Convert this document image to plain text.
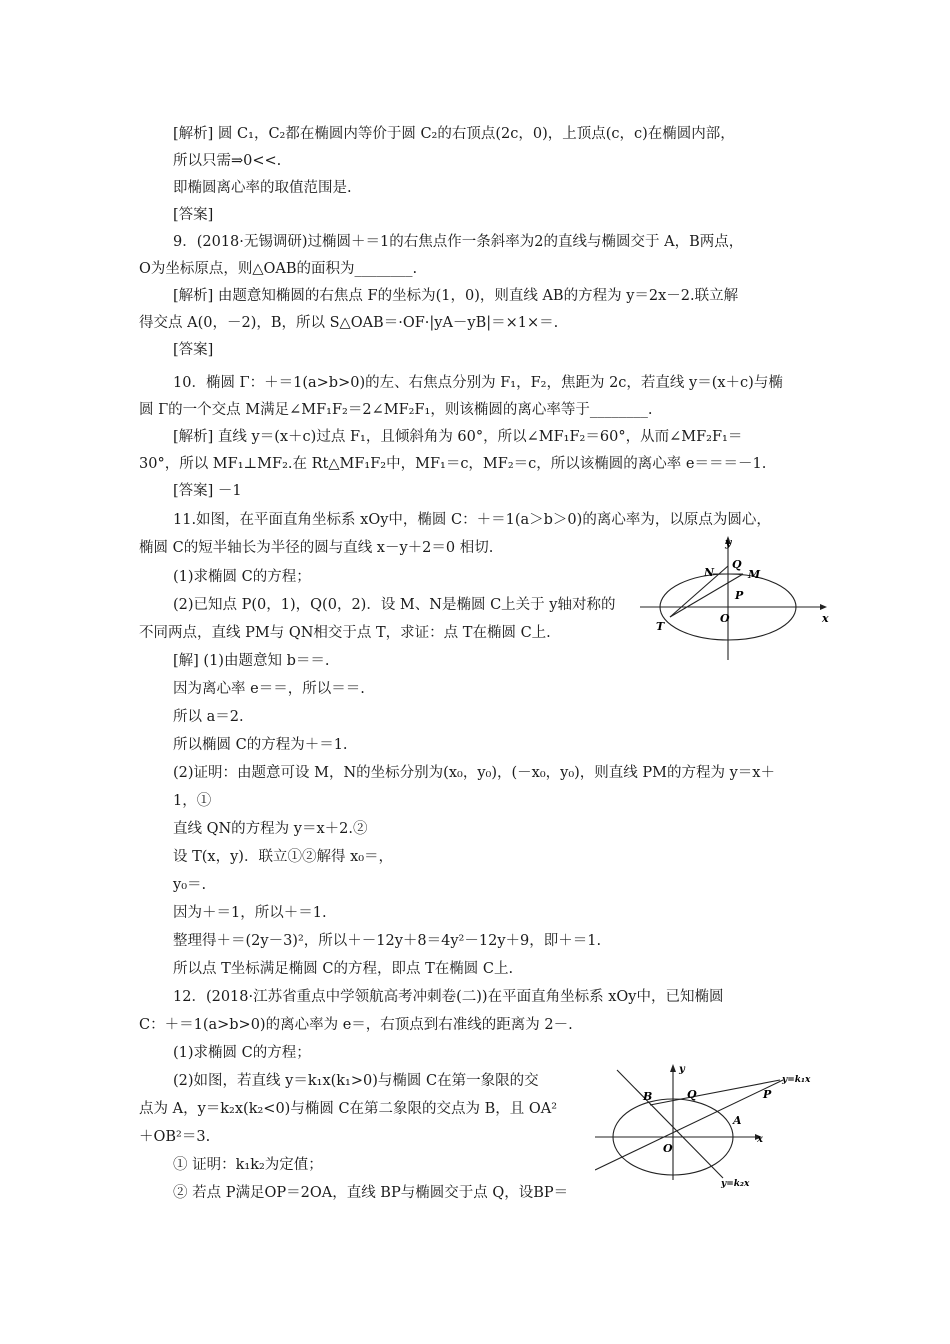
[解析] 圆 C₁，C₂都在椭圆内等价于圆 C₂的右顶点(2c，0)，上顶点(c，c)在椭圆内部，
所以只需⇒0<<.
即椭圆离心率的取值范围是.
[答案]
9．(2018·无锡调研)过椭圆＋＝1的右焦点作一条斜率为2的直线与椭圆交于 A，B两点，
O为坐标原点，则△OAB的面积为________.
[解析] 由题意知椭圆的右焦点 F的坐标为(1，0)，则直线 AB的方程为 y＝2x－2.联立解
得交点 A(0，－2)，B，所以 S△OAB＝·OF·|yA－yB|＝×1×＝.
[答案]
10．椭圆 Γ：＋＝1(a>b>0)的左、右焦点分别为 F₁，F₂，焦距为 2c，若直线 y＝(x＋c)与椭
圆 Γ的一个交点 M满足∠MF₁F₂＝2∠MF₂F₁，则该椭圆的离心率等于________.
[解析] 直线 y＝(x＋c)过点 F₁，且倾斜角为 60°，所以∠MF₁F₂＝60°，从而∠MF₂F₁＝
30°，所以 MF₁⊥MF₂.在 Rt△MF₁F₂中，MF₁＝c，MF₂＝c，所以该椭圆的离心率 e＝＝＝－1.
[答案] －1
11.如图，在平面直角坐标系 xOy中，椭圆 C：＋＝1(a＞b＞0)的离心率为，以原点为圆心，
椭圆 C的短半轴长为半径的圆与直线 x－y＋2＝0 相切.
(1)求椭圆 C的方程；
(2)已知点 P(0，1)，Q(0，2)．设 M、N是椭圆 C上关于 y轴对称的
不同两点，直线 PM与 QN相交于点 T，求证：点 T在椭圆 C上.
[解] (1)由题意知 b＝＝.
因为离心率 e＝＝，所以＝＝.
所以 a＝2.
所以椭圆 C的方程为＋＝1.
(2)证明：由题意可设 M，N的坐标分别为(x₀，y₀)，(－x₀，y₀)，则直线 PM的方程为 y＝x＋
1，①
直线 QN的方程为 y＝x＋2.②
设 T(x，y)．联立①②解得 x₀＝，
y₀＝.
因为＋＝1，所以＋＝1.
整理得＋＝(2y－3)²，所以＋－12y＋8＝4y²－12y＋9，即＋＝1.
所以点 T坐标满足椭圆 C的方程，即点 T在椭圆 C上.
12．(2018·江苏省重点中学领航高考冲刺卷(二))在平面直角坐标系 xOy中，已知椭圆
C：＋＝1(a>b>0)的离心率为 e＝，右顶点到右准线的距离为 2－.
(1)求椭圆 C的方程；
(2)如图，若直线 y＝k₁x(k₁>0)与椭圆 C在第一象限的交
点为 A，y＝k₂x(k₂<0)与椭圆 C在第二象限的交点为 B，且 OA²
＋OB²＝3.
① 证明：k₁k₂为定值；
② 若点 P满足OP＝2OA，直线 BP与椭圆交于点 Q，设BP＝
y
x
N
Q
M
P
O
T
y
x
B	Q
A
P
O
y=k₁x
y=k₂x
